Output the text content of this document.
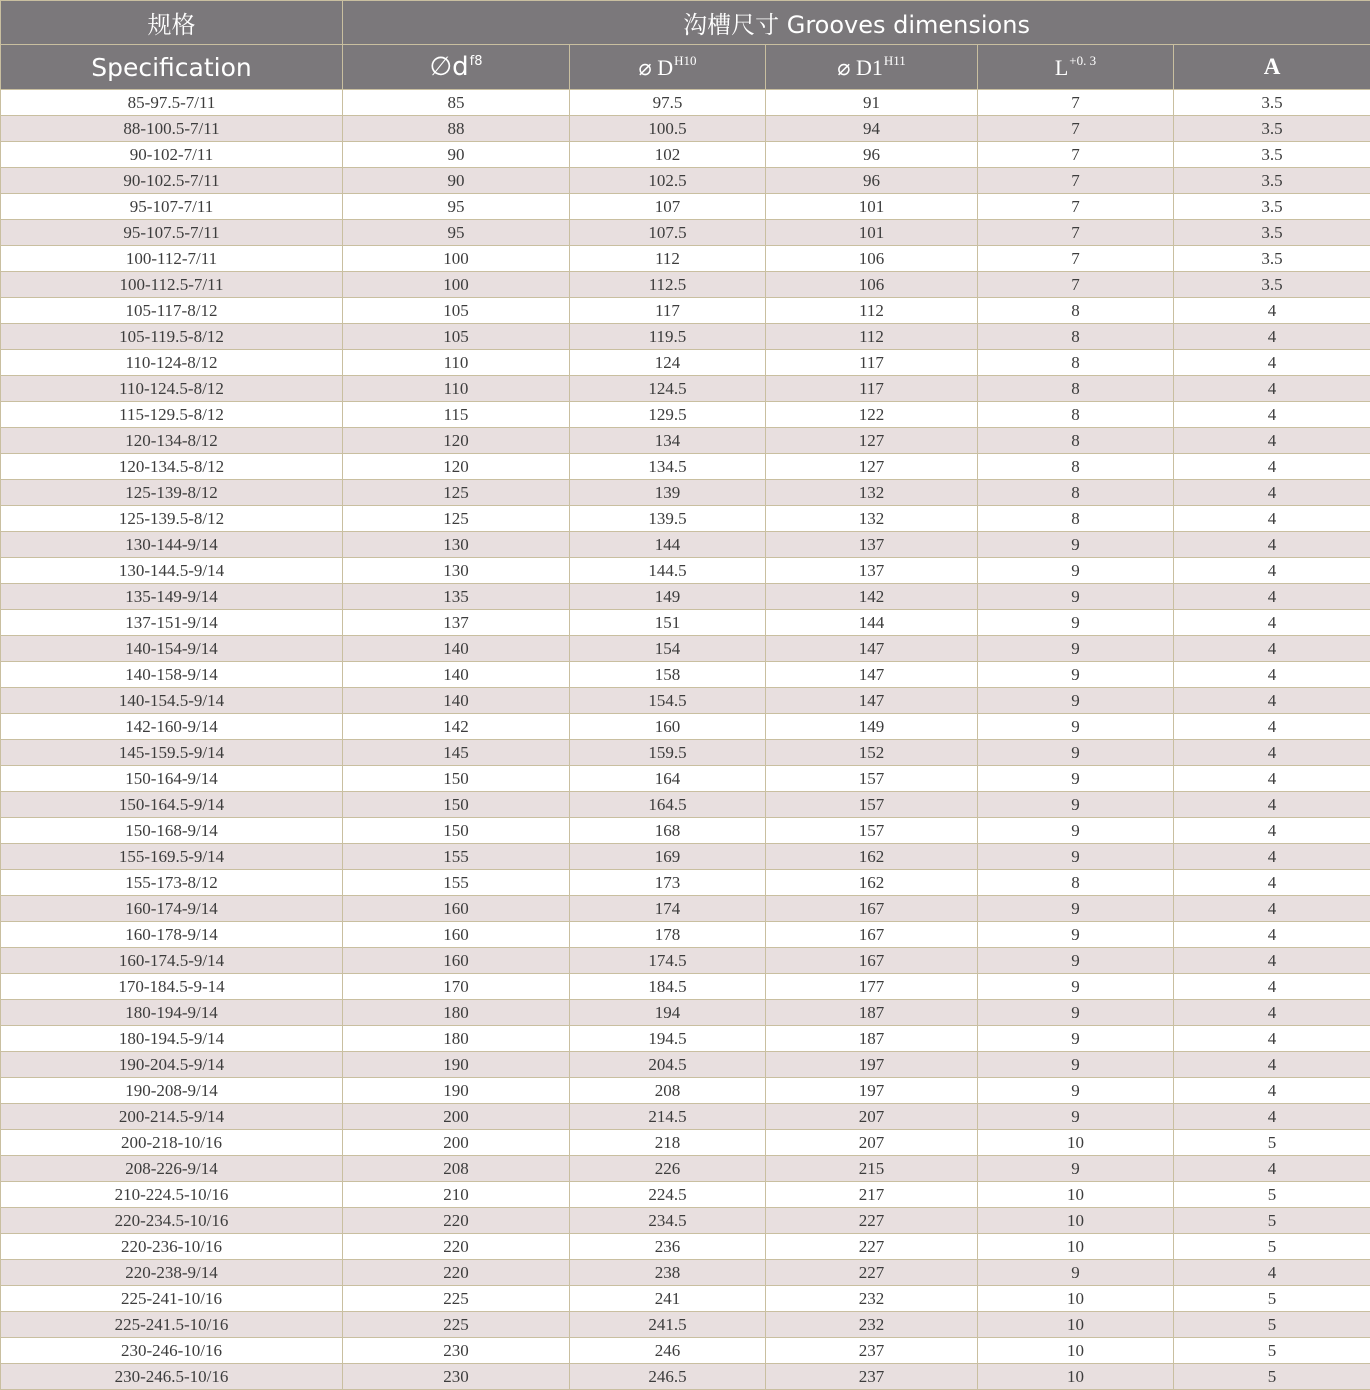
规格	沟槽尺寸 Grooves dimensions				
Specification	$\emptyset d^{f8}$	⌀ $D^{H10}$	⌀ $D1^{H11}$	$L^{+0. 3}$	A
85-97.5-7/11	85	97.5	91	7	3.5
88-100.5-7/11	88	100.5	94	7	3.5
90-102-7/11	90	102	96	7	3.5
90-102.5-7/11	90	102.5	96	7	3.5
95-107-7/11	95	107	101	7	3.5
95-107.5-7/11	95	107.5	101	7	3.5
100-112-7/11	100	112	106	7	3.5
100-112.5-7/11	100	112.5	106	7	3.5
105-117-8/12	105	117	112	8	4
105-119.5-8/12	105	119.5	112	8	4
110-124-8/12	110	124	117	8	4
110-124.5-8/12	110	124.5	117	8	4
115-129.5-8/12	115	129.5	122	8	4
120-134-8/12	120	134	127	8	4
120-134.5-8/12	120	134.5	127	8	4
125-139-8/12	125	139	132	8	4
125-139.5-8/12	125	139.5	132	8	4
130-144-9/14	130	144	137	9	4
130-144.5-9/14	130	144.5	137	9	4
135-149-9/14	135	149	142	9	4
137-151-9/14	137	151	144	9	4
140-154-9/14	140	154	147	9	4
140-158-9/14	140	158	147	9	4
140-154.5-9/14	140	154.5	147	9	4
142-160-9/14	142	160	149	9	4
145-159.5-9/14	145	159.5	152	9	4
150-164-9/14	150	164	157	9	4
150-164.5-9/14	150	164.5	157	9	4
150-168-9/14	150	168	157	9	4
155-169.5-9/14	155	169	162	9	4
155-173-8/12	155	173	162	8	4
160-174-9/14	160	174	167	9	4
160-178-9/14	160	178	167	9	4
160-174.5-9/14	160	174.5	167	9	4
170-184.5-9-14	170	184.5	177	9	4
180-194-9/14	180	194	187	9	4
180-194.5-9/14	180	194.5	187	9	4
190-204.5-9/14	190	204.5	197	9	4
190-208-9/14	190	208	197	9	4
200-214.5-9/14	200	214.5	207	9	4
200-218-10/16	200	218	207	10	5
208-226-9/14	208	226	215	9	4
210-224.5-10/16	210	224.5	217	10	5
220-234.5-10/16	220	234.5	227	10	5
220-236-10/16	220	236	227	10	5
220-238-9/14	220	238	227	9	4
225-241-10/16	225	241	232	10	5
225-241.5-10/16	225	241.5	232	10	5
230-246-10/16	230	246	237	10	5
230-246.5-10/16	230	246.5	237	10	5
